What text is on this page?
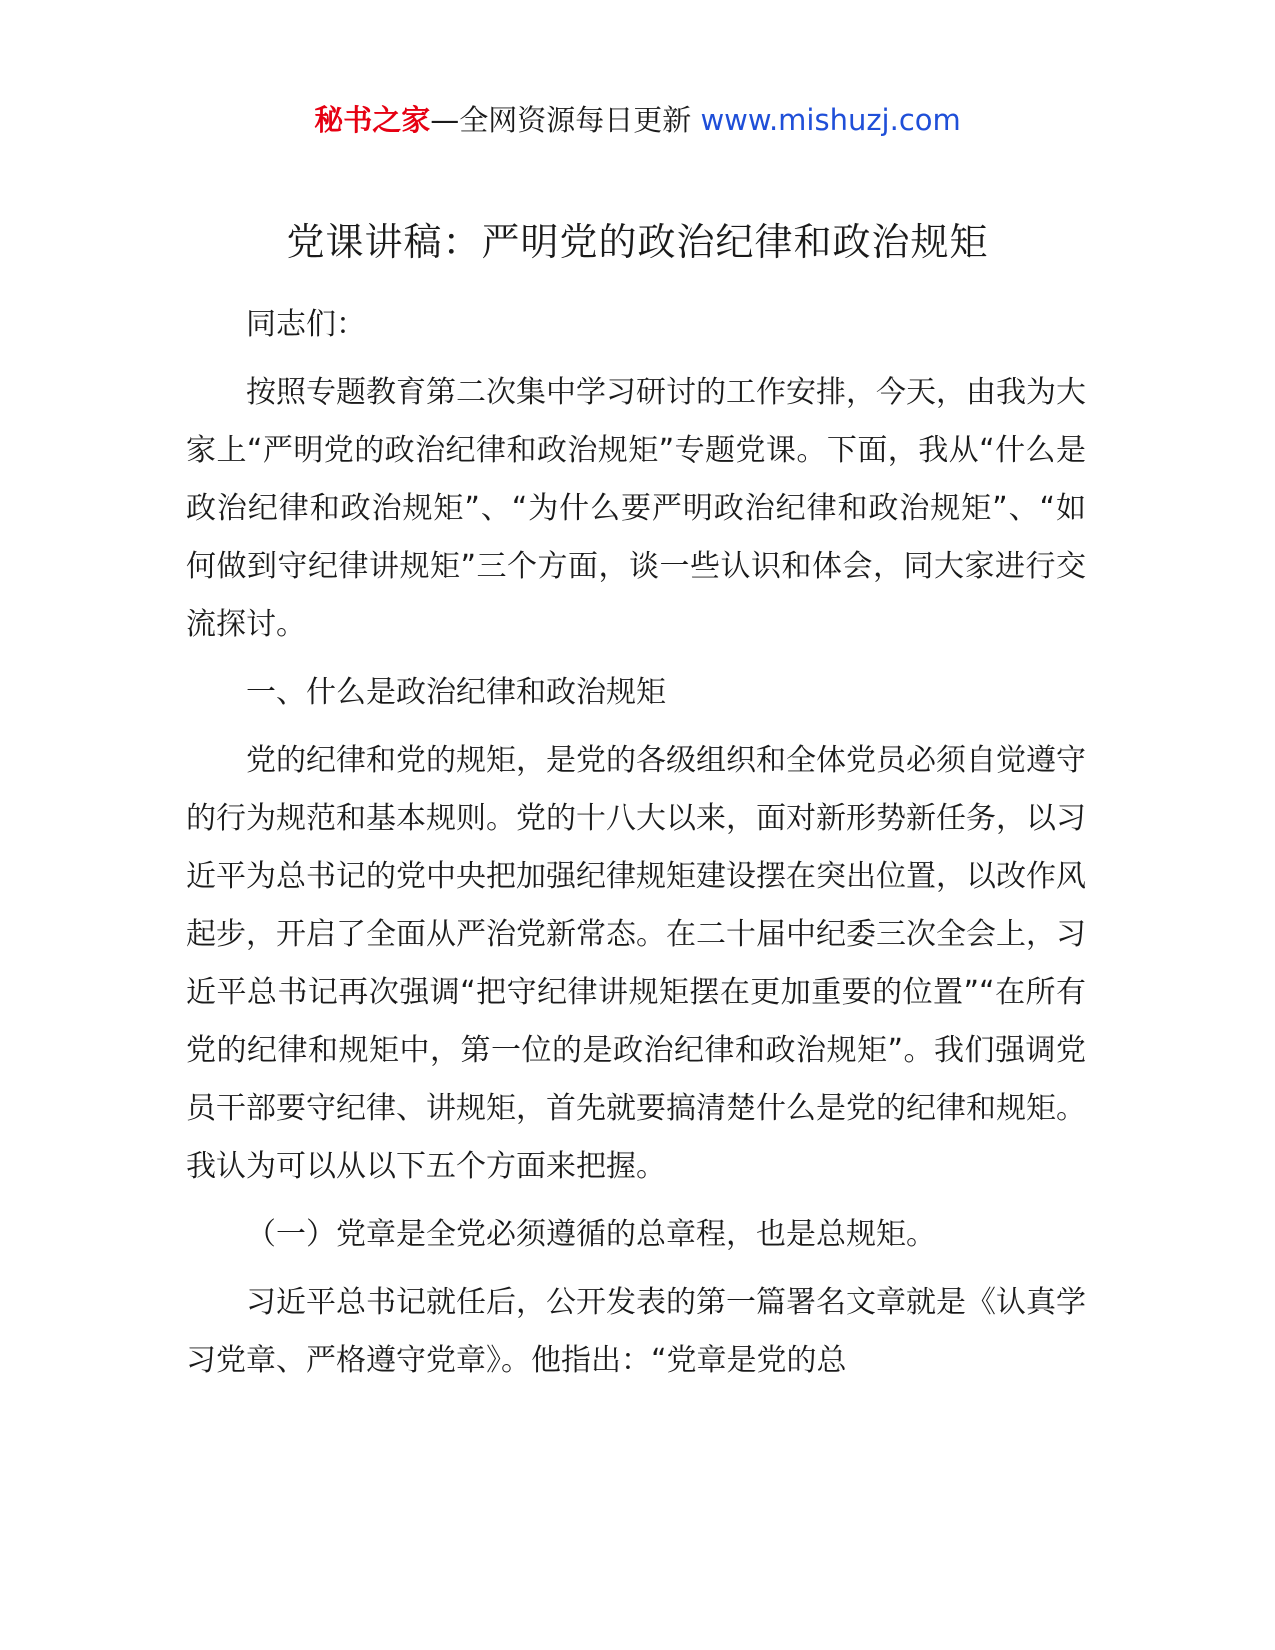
秘书之家—全网资源每日更新 www.mishuzj.com
党课讲稿：严明党的政治纪律和政治规矩

同志们：

按照专题教育第二次集中学习研讨的工作安排，今天，由我为大家上“严明党的政治纪律和政治规矩”专题党课。下面，我从“什么是政治纪律和政治规矩”、“为什么要严明政治纪律和政治规矩”、“如何做到守纪律讲规矩”三个方面，谈一些认识和体会，同大家进行交流探讨。

一、什么是政治纪律和政治规矩

党的纪律和党的规矩，是党的各级组织和全体党员必须自觉遵守的行为规范和基本规则。党的十八大以来，面对新形势新任务，以习近平为总书记的党中央把加强纪律规矩建设摆在突出位置，以改作风起步，开启了全面从严治党新常态。在二十届中纪委三次全会上，习近平总书记再次强调“把守纪律讲规矩摆在更加重要的位置”“在所有党的纪律和规矩中，第一位的是政治纪律和政治规矩”。我们强调党员干部要守纪律、讲规矩，首先就要搞清楚什么是党的纪律和规矩。我认为可以从以下五个方面来把握。

（一）党章是全党必须遵循的总章程，也是总规矩。

习近平总书记就任后，公开发表的第一篇署名文章就是《认真学习党章、严格遵守党章》。他指出：“党章是党的总
